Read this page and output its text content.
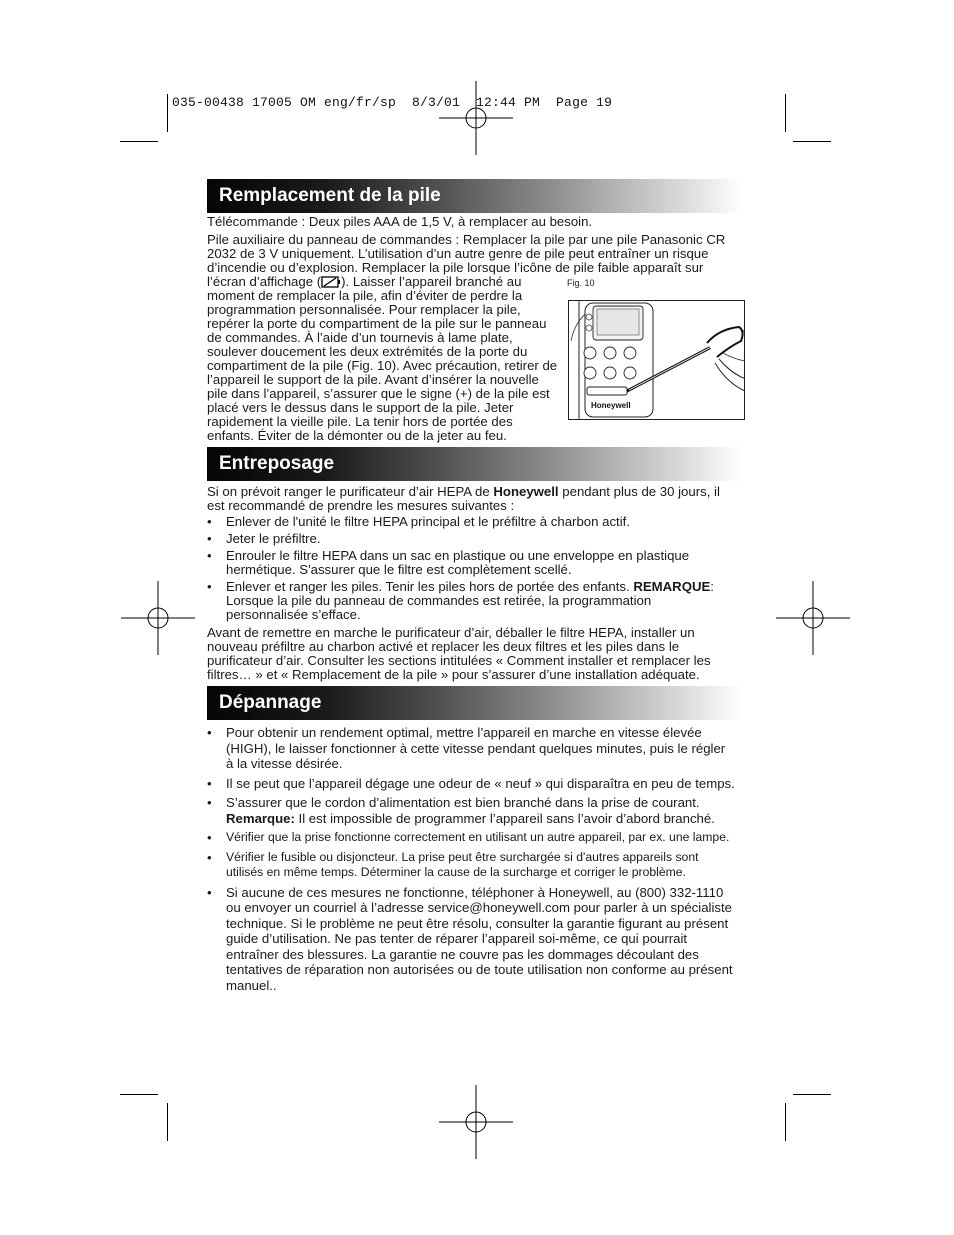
035-00438 17005 OM eng/fr/sp  8/3/01  12:44 PM  Page 19
Remplacement de la pile

Télécommande : Deux piles AAA de 1,5 V, à remplacer au besoin.

Pile auxiliaire du panneau de commandes : Remplacer la pile par une pile Panasonic CR
2032 de 3 V uniquement. L’utilisation d’un autre genre de pile peut entraîner un risque
d’incendie ou d’explosion. Remplacer la pile lorsque l’icône de pile faible apparaît sur
l’écran d’affichage ( ). Laisser l’appareil branché au
moment de remplacer la pile, afin d’éviter de perdre la
programmation personnalisée. Pour remplacer la pile,
repérer la porte du compartiment de la pile sur le panneau
de commandes. À l’aide d’un tournevis à lame plate,
soulever doucement les deux extrémités de la porte du
compartiment de la pile (Fig. 10). Avec précaution, retirer de
l’appareil le support de la pile. Avant d’insérer la nouvelle
pile dans l’appareil, s’assurer que le signe (+) de la pile est
placé vers le dessus dans le support de la pile. Jeter
rapidement la vieille pile. La tenir hors de portée des
enfants. Éviter de la démonter ou de la jeter au feu.
Fig. 10
Honeywell
Entreposage
Si on prévoit ranger le purificateur d’air HEPA de Honeywell pendant plus de 30 jours, il
est recommandé de prendre les mesures suivantes :
• Enlever de l'unité le filtre HEPA principal et le préfiltre à charbon actif.
• Jeter le préfiltre.
• Enrouler le filtre HEPA dans un sac en plastique ou une enveloppe en plastique
hermétique. S'assurer que le filtre est complètement scellé.
• Enlever et ranger les piles. Tenir les piles hors de portée des enfants. REMARQUE:
Lorsque la pile du panneau de commandes est retirée, la programmation
personnalisée s’efface.
Avant de remettre en marche le purificateur d’air, déballer le filtre HEPA, installer un
nouveau préfiltre au charbon activé et replacer les deux filtres et les piles dans le
purificateur d’air. Consulter les sections intitulées « Comment installer et remplacer les
filtres… » et « Remplacement de la pile » pour s’assurer d’une installation adéquate.
Dépannage
• Pour obtenir un rendement optimal, mettre l’appareil en marche en vitesse élevée
(HIGH), le laisser fonctionner à cette vitesse pendant quelques minutes, puis le régler
à la vitesse désirée.
• Il se peut que l’appareil dégage une odeur de « neuf » qui disparaîtra en peu de temps.
• S’assurer que le cordon d’alimentation est bien branché dans la prise de courant.
Remarque: Il est impossible de programmer l’appareil sans l’avoir d’abord branché.
• Vérifier que la prise fonctionne correctement en utilisant un autre appareil, par ex. une lampe.
• Vérifier le fusible ou disjoncteur. La prise peut être surchargée si d'autres appareils sont
utilisés en même temps. Déterminer la cause de la surcharge et corriger le problème.
• Si aucune de ces mesures ne fonctionne, téléphoner à Honeywell, au (800) 332-1110
ou envoyer un courriel à l’adresse service@honeywell.com pour parler à un spécialiste
technique. Si le problème ne peut être résolu, consulter la garantie figurant au présent
guide d’utilisation. Ne pas tenter de réparer l’appareil soi-même, ce qui pourrait
entraîner des blessures. La garantie ne couvre pas les dommages découlant des
tentatives de réparation non autorisées ou de toute utilisation non conforme au présent
manuel..
